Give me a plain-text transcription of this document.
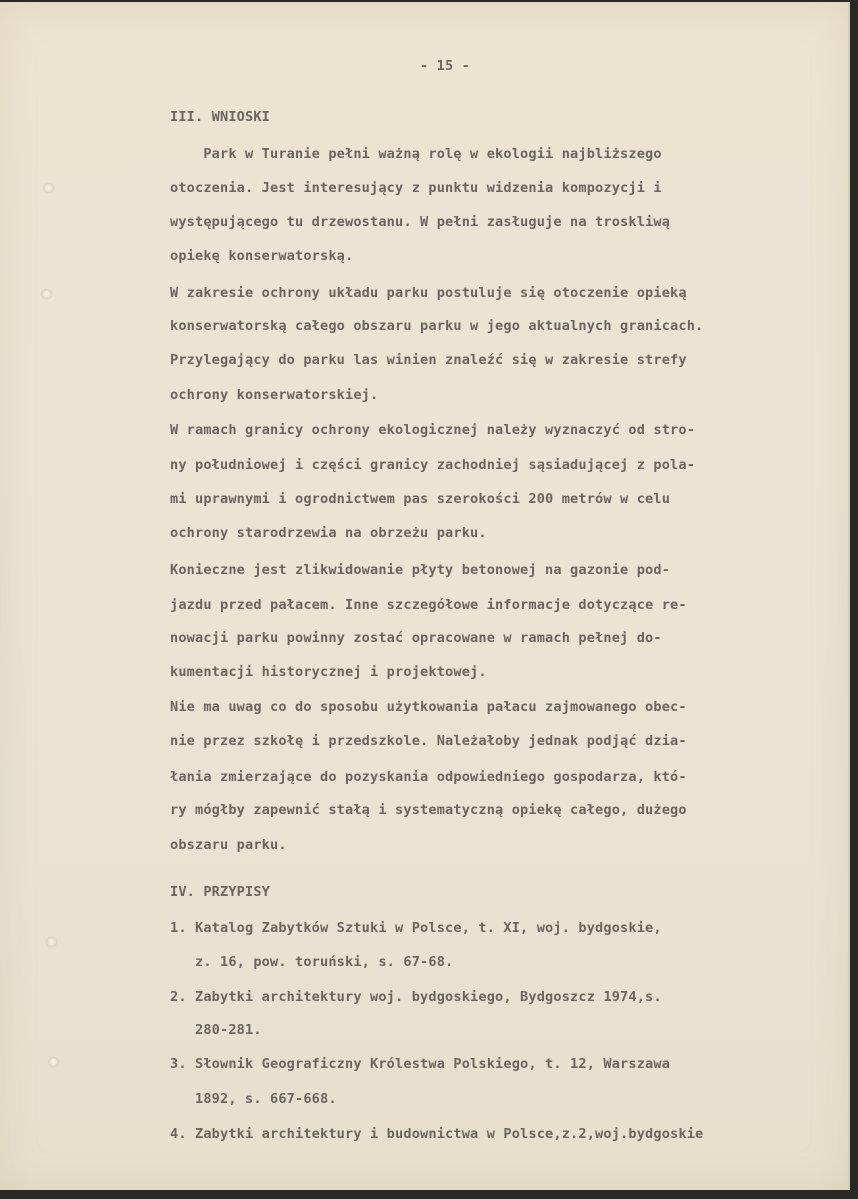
- 15 -
III. WNIOSKI
Park w Turanie pełni ważną rolę w ekologii najbliższego
otoczenia. Jest interesujący z punktu widzenia kompozycji i
występującego tu drzewostanu. W pełni zasługuje na troskliwą
opiekę konserwatorską.
W zakresie ochrony układu parku postuluje się otoczenie opieką
konserwatorską całego obszaru parku w jego aktualnych granicach.
Przylegający do parku las winien znaleźć się w zakresie strefy
ochrony konserwatorskiej.
W ramach granicy ochrony ekologicznej należy wyznaczyć od stro-
ny południowej i części granicy zachodniej sąsiadującej z pola-
mi uprawnymi i ogrodnictwem pas szerokości 200 metrów w celu
ochrony starodrzewia na obrzeżu parku.
Konieczne jest zlikwidowanie płyty betonowej na gazonie pod-
jazdu przed pałacem. Inne szczegółowe informacje dotyczące re-
nowacji parku powinny zostać opracowane w ramach pełnej do-
kumentacji historycznej i projektowej.
Nie ma uwag co do sposobu użytkowania pałacu zajmowanego obec-
nie przez szkołę i przedszkole. Należałoby jednak podjąć dzia-
łania zmierzające do pozyskania odpowiedniego gospodarza, któ-
ry mógłby zapewnić stałą i systematyczną opiekę całego, dużego
obszaru parku.
IV. PRZYPISY
1. Katalog Zabytków Sztuki w Polsce, t. XI, woj. bydgoskie,
z. 16, pow. toruński, s. 67-68.
2. Zabytki architektury woj. bydgoskiego, Bydgoszcz 1974,s.
280-281.
3. Słownik Geograficzny Królestwa Polskiego, t. 12, Warszawa
1892, s. 667-668.
4. Zabytki architektury i budownictwa w Polsce,z.2,woj.bydgoskie
